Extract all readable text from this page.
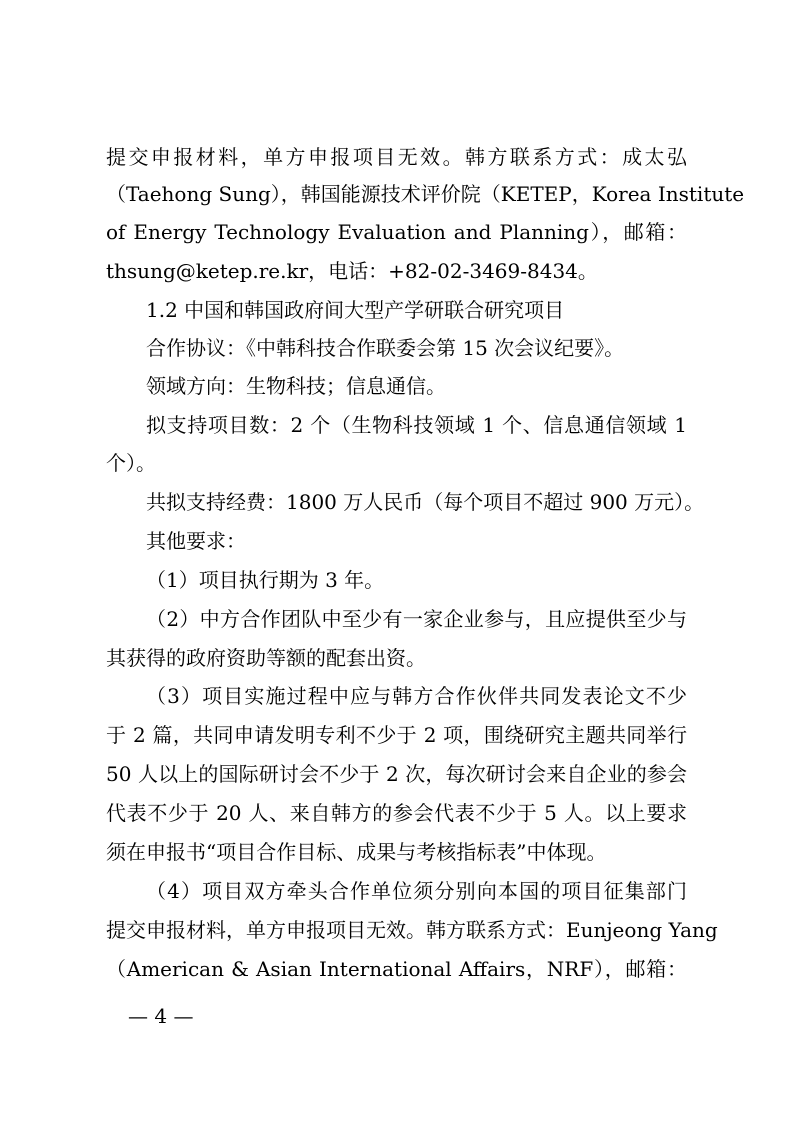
提交申报材料，单方申报项目无效。韩方联系方式：成太弘
（Taehong Sung），韩国能源技术评价院（KETEP，Korea Institute
of Energy Technology Evaluation and Planning），邮箱：
thsung@ketep.re.kr，电话：+82-02-3469-8434。
1.2 中国和韩国政府间大型产学研联合研究项目
合作协议：《中韩科技合作联委会第 15 次会议纪要》。
领域方向：生物科技；信息通信。
拟支持项目数：2 个（生物科技领域 1 个、信息通信领域 1
个）。
共拟支持经费：1800 万人民币（每个项目不超过 900 万元）。
其他要求：
（1）项目执行期为 3 年。
（2）中方合作团队中至少有一家企业参与，且应提供至少与
其获得的政府资助等额的配套出资。
（3）项目实施过程中应与韩方合作伙伴共同发表论文不少
于 2 篇，共同申请发明专利不少于 2 项，围绕研究主题共同举行
50 人以上的国际研讨会不少于 2 次，每次研讨会来自企业的参会
代表不少于 20 人、来自韩方的参会代表不少于 5 人。以上要求
须在申报书“项目合作目标、成果与考核指标表”中体现。
（4）项目双方牵头合作单位须分别向本国的项目征集部门
提交申报材料，单方申报项目无效。韩方联系方式：Eunjeong Yang
（American & Asian International Affairs，NRF），邮箱：
— 4 —
